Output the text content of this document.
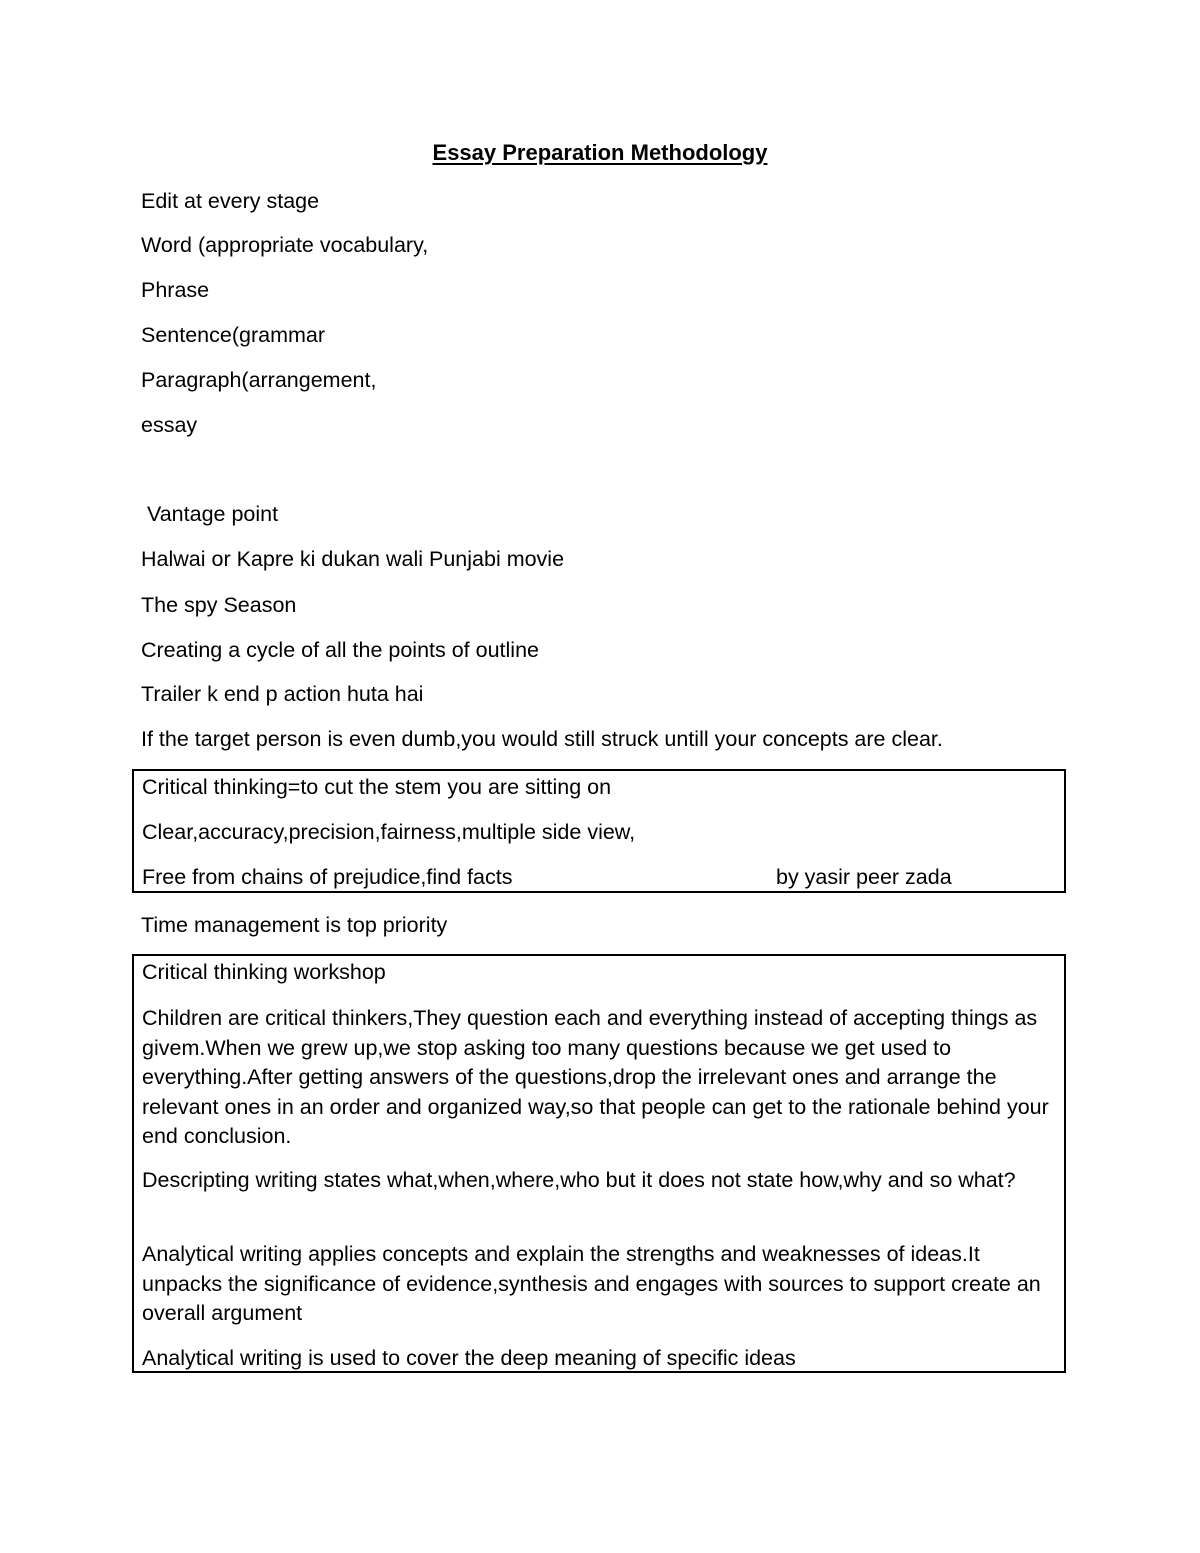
Essay Preparation Methodology
Edit at every stage
Word (appropriate vocabulary,
Phrase
Sentence(grammar
Paragraph(arrangement,
essay
Vantage point
Halwai or Kapre ki dukan wali Punjabi movie
The spy Season
Creating a cycle of all the points of outline
Trailer k end p action huta hai
If the target person is even dumb,you would still struck untill your concepts are clear.
Critical thinking=to cut the stem you are sitting on
Clear,accuracy,precision,fairness,multiple side view,
Free from chains of prejudice,find facts	by yasir peer zada
Time management is top priority
Critical thinking workshop
Children are critical thinkers,They question each and everything instead of accepting things as givem.When we grew up,we stop asking too many questions because we get used to everything.After getting answers of the questions,drop the irrelevant ones and arrange the relevant ones in an order and organized way,so that people can get to the rationale behind your end conclusion.
Descripting writing states what,when,where,who but it does not state how,why and so what?
Analytical writing applies concepts and explain the strengths and weaknesses of ideas.It unpacks the significance of evidence,synthesis and engages with sources to support create an overall argument
Analytical writing is used to cover the deep meaning of specific ideas
